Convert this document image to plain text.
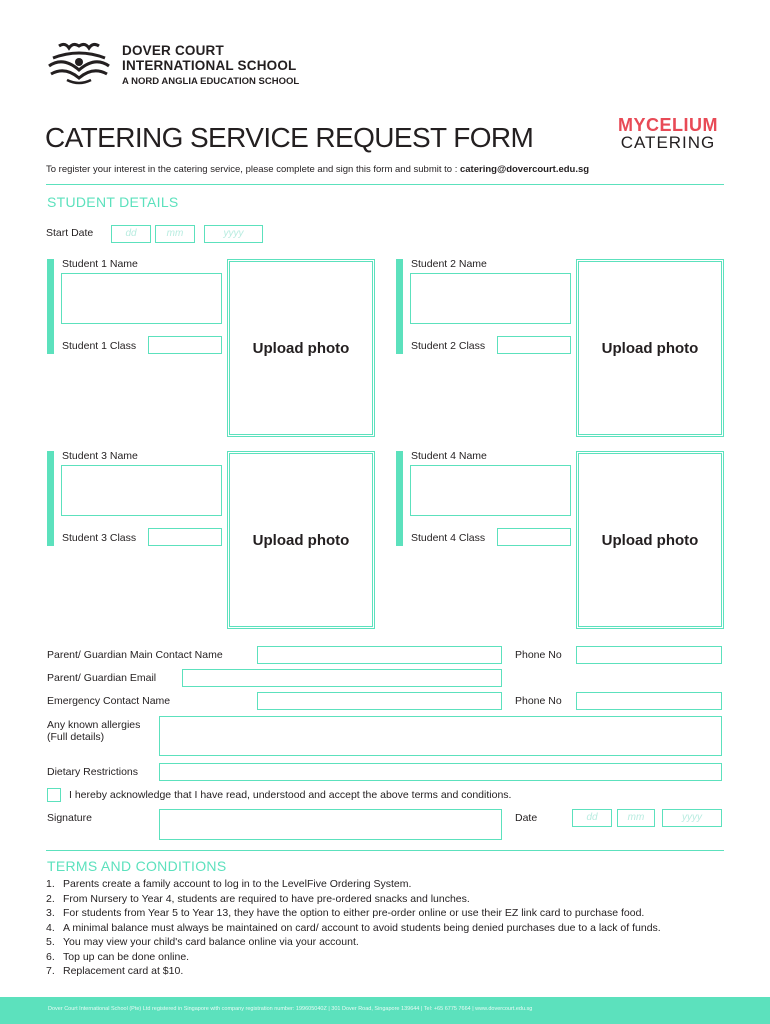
DOVER COURT
INTERNATIONAL SCHOOL
A NORD ANGLIA EDUCATION SCHOOL
MYCELIUM
CATERING
CATERING SERVICE REQUEST FORM
To register your interest in the catering service, please complete and sign this form and submit to : catering@dovercourt.edu.sg
STUDENT DETAILS
Start Date	dd	mm	yyyy
Student 1 Name
Student 1 Class	Upload photo
Student 2 Name
Student 2 Class	Upload photo
Student 3 Name
Student 3 Class	Upload photo
Student 4 Name
Student 4 Class	Upload photo
Parent/ Guardian Main Contact Name	Phone No
Parent/ Guardian Email
Emergency Contact Name	Phone No
Any known allergies
(Full details)
Dietary Restrictions
I hereby acknowledge that I have read, understood and accept the above terms and conditions.
Signature	Date	dd	mm	yyyy
TERMS AND CONDITIONS
1. Parents create a family account to log in to the LevelFive Ordering System.
2. From Nursery to Year 4, students are required to have pre-ordered snacks and lunches.
3. For students from Year 5 to Year 13, they have the option to either pre-order online or use their EZ link card to purchase food.
4. A minimal balance must always be maintained on card/ account to avoid students being denied purchases due to a lack of funds.
5. You may view your child's card balance online via your account.
6. Top up can be done online.
7. Replacement card at $10.
Dover Court International School (Pte) Ltd registered in Singapore with company registration number: 199605040Z | 301 Dover Road, Singapore 139644 | Tel: +65 6775 7664 | www.dovercourt.edu.sg
